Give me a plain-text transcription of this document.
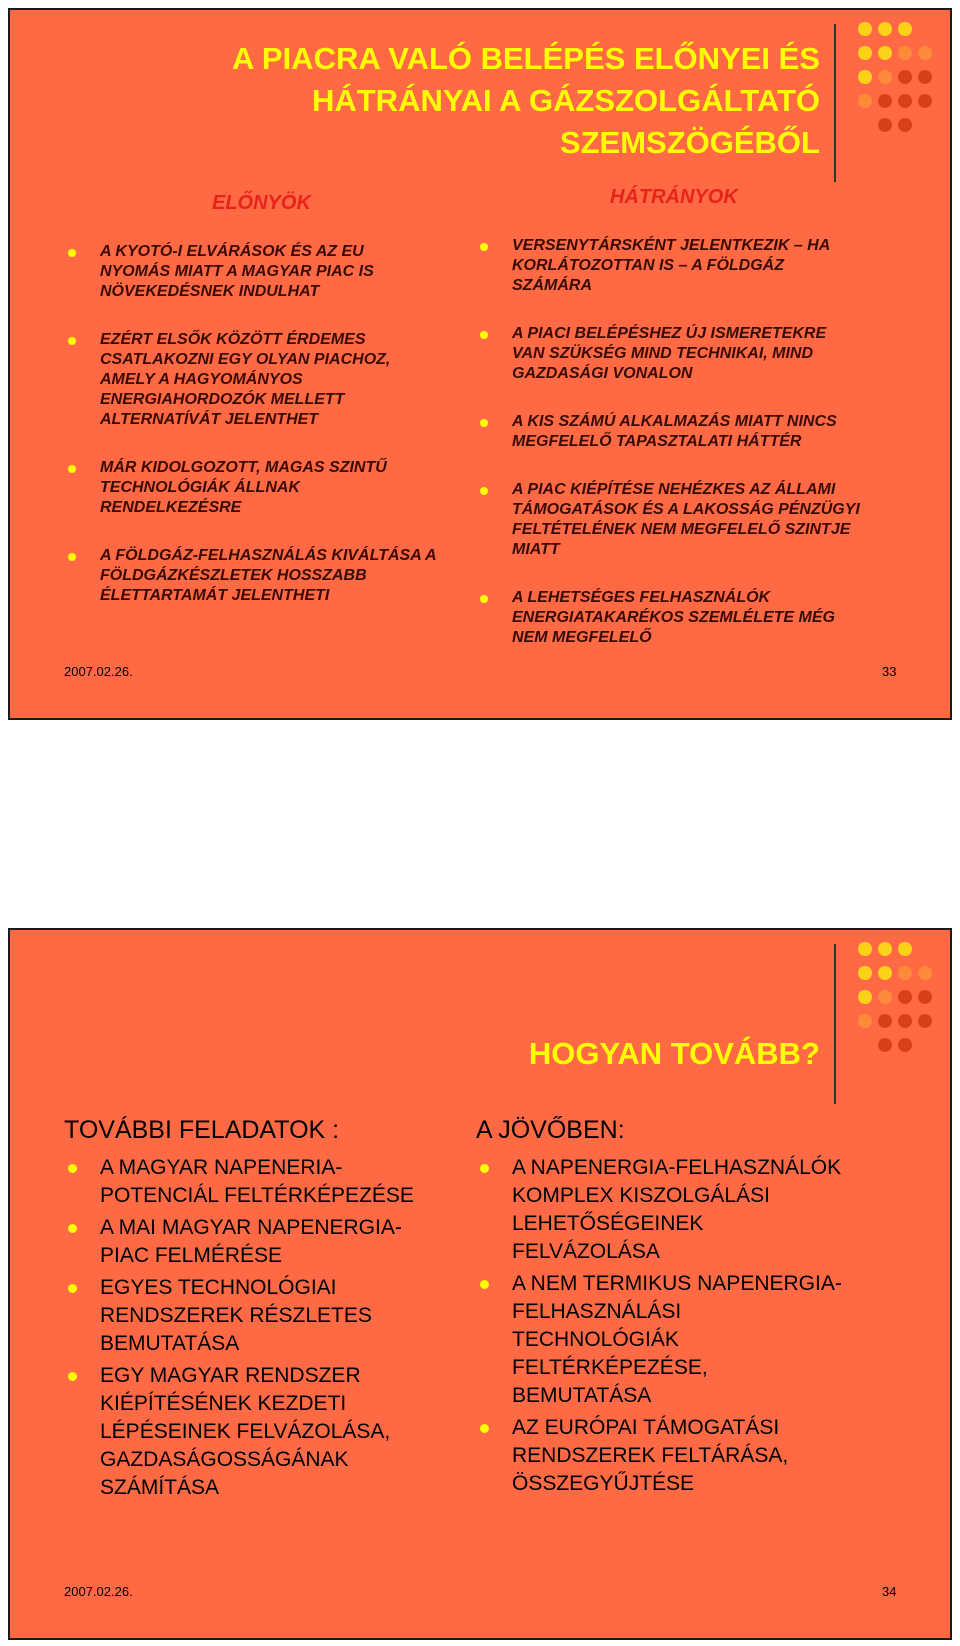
A PIACRA VALÓ BELÉPÉS ELŐNYEI ÉS
HÁTRÁNYAI A GÁZSZOLGÁLTATÓ
SZEMSZÖGÉBŐL
ELŐNYÖK	HÁTRÁNYOK
A KYOTÓ-I ELVÁRÁSOK ÉS AZ EU NYOMÁS MIATT A MAGYAR PIAC IS NÖVEKEDÉSNEK INDULHAT
EZÉRT ELSŐK KÖZÖTT ÉRDEMES CSATLAKOZNI EGY OLYAN PIACHOZ, AMELY A HAGYOMÁNYOS ENERGIAHORDOZÓK MELLETT ALTERNATÍVÁT JELENTHET
MÁR KIDOLGOZOTT, MAGAS SZINTŰ TECHNOLÓGIÁK ÁLLNAK RENDELKEZÉSRE
A FÖLDGÁZ-FELHASZNÁLÁS KIVÁLTÁSA A FÖLDGÁZKÉSZLETEK HOSSZABB ÉLETTARTAMÁT JELENTHETI
VERSENYTÁRSKÉNT JELENTKEZIK – HA KORLÁTOZOTTAN IS – A FÖLDGÁZ SZÁMÁRA
A PIACI BELÉPÉSHEZ ÚJ ISMERETEKRE VAN SZÜKSÉG MIND TECHNIKAI, MIND GAZDASÁGI VONALON
A KIS SZÁMÚ ALKALMAZÁS MIATT NINCS MEGFELELŐ TAPASZTALATI HÁTTÉR
A PIAC KIÉPÍTÉSE NEHÉZKES AZ ÁLLAMI TÁMOGATÁSOK ÉS A LAKOSSÁG PÉNZÜGYI FELTÉTELÉNEK NEM MEGFELELŐ SZINTJE MIATT
A LEHETSÉGES FELHASZNÁLÓK ENERGIATAKARÉKOS SZEMLÉLETE MÉG NEM MEGFELELŐ
2007.02.26.	33
HOGYAN TOVÁBB?
TOVÁBBI FELADATOK :	A JÖVŐBEN:
A MAGYAR NAPENERIA-POTENCIÁL FELTÉRKÉPEZÉSE
A MAI MAGYAR NAPENERGIA-PIAC FELMÉRÉSE
EGYES TECHNOLÓGIAI RENDSZEREK RÉSZLETES BEMUTATÁSA
EGY MAGYAR RENDSZER KIÉPÍTÉSÉNEK KEZDETI LÉPÉSEINEK FELVÁZOLÁSA, GAZDASÁGOSSÁGÁNAK SZÁMÍTÁSA
A NAPENERGIA-FELHASZNÁLÓK KOMPLEX KISZOLGÁLÁSI LEHETŐSÉGEINEK FELVÁZOLÁSA
A NEM TERMIKUS NAPENERGIA-FELHASZNÁLÁSI TECHNOLÓGIÁK FELTÉRKÉPEZÉSE, BEMUTATÁSA
AZ EURÓPAI TÁMOGATÁSI RENDSZEREK FELTÁRÁSA, ÖSSZEGYŰJTÉSE
2007.02.26.	34
